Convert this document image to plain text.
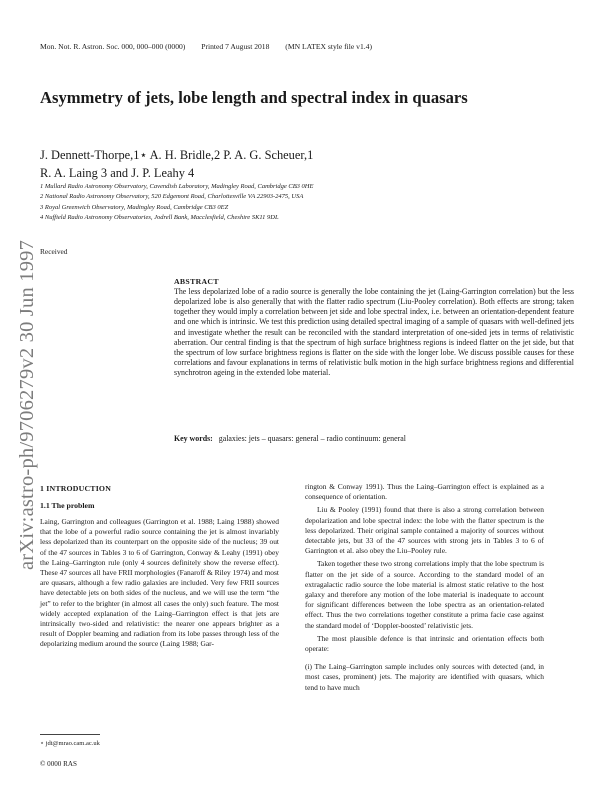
Mon. Not. R. Astron. Soc. 000, 000–000 (0000) Printed 7 August 2018 (MN LATEX style file v1.4)
Asymmetry of jets, lobe length and spectral index in quasars
J. Dennett-Thorpe,1⋆ A. H. Bridle,2 P. A. G. Scheuer,1
R. A. Laing 3 and J. P. Leahy 4
1 Mullard Radio Astronomy Observatory, Cavendish Laboratory, Madingley Road, Cambridge CB3 0HE
2 National Radio Astronomy Observatory, 520 Edgemont Road, Charlottesville VA 22903-2475, USA
3 Royal Greenwich Observatory, Madingley Road, Cambridge CB3 0EZ
4 Nuffield Radio Astronomy Observatories, Jodrell Bank, Macclesfield, Cheshire SK11 9DL
Received
arXiv:astro-ph/9706279v2 30 Jun 1997	ABSTRACT
The less depolarized lobe of a radio source is generally the lobe containing the jet (Laing-Garrington correlation) but the less depolarized lobe is also generally that with the flatter radio spectrum (Liu-Pooley correlation). Both effects are strong; taken together they would imply a correlation between jet side and lobe spectral index, i.e. between an orientation-dependent feature and one which is intrinsic. We test this prediction using detailed spectral imaging of a sample of quasars with well-defined jets and investigate whether the result can be reconciled with the standard interpretation of one-sided jets in terms of relativistic aberration. Our central finding is that the spectrum of high surface brightness regions is indeed flatter on the jet side, but that the spectrum of low surface brightness regions is flatter on the side with the longer lobe. We discuss possible causes for these correlations and favour explanations in terms of relativistic bulk motion in the high surface brightness regions and differential synchrotron ageing in the extended lobe material.
Key words: galaxies: jets – quasars: general – radio continuum: general
1 INTRODUCTION
1.1 The problem

Laing, Garrington and colleagues (Garrington et al. 1988; Laing 1988) showed that the lobe of a powerful radio source containing the jet is almost invariably less depolarized than its counterpart on the opposite side of the nucleus; 39 out of the 47 sources in Tables 3 to 6 of Garrington, Conway & Leahy (1991) obey the Laing–Garrington rule (only 4 sources definitely show the reverse effect). These 47 sources all have FRII morphologies (Fanaroff & Riley 1974) and most are quasars, although a few radio galaxies are included. Very few FRII sources have detectable jets on both sides of the nucleus, and we will use the term “the jet” to refer to the brighter (in almost all cases the only) such feature. The most widely accepted explanation of the Laing–Garrington effect is that jets are intrinsically two-sided and relativistic: the nearer one appears brighter as a result of Doppler beaming and radiation from its lobe passes through less of the depolarizing medium around the source (Laing 1988; Gar-

rington & Conway 1991). Thus the Laing–Garrington effect is explained as a consequence of orientation.

Liu & Pooley (1991) found that there is also a strong correlation between depolarization and lobe spectral index: the lobe with the flatter spectrum is the less depolarized. Their original sample contained a majority of sources without detectable jets, but 33 of the 47 sources with strong jets in Tables 3 to 6 of Garrington et al. also obey the Liu–Pooley rule.

Taken together these two strong correlations imply that the lobe spectrum is flatter on the jet side of a source. According to the standard model of an extragalactic radio source the lobe material is almost static relative to the host galaxy and therefore any motion of the lobe material is inadequate to account for significant differences between the lobe spectra as an orientation-related effect. Thus the two correlations together constitute a prima facie case against the standard model of ‘Doppler-boosted’ relativistic jets.

The most plausible defence is that intrinsic and orientation effects both operate:

(i) The Laing–Garrington sample includes only sources with detected (and, in most cases, prominent) jets. The majority are identified with quasars, which tend to have much

⋆ jdt@mrao.cam.ac.uk
© 0000 RAS
